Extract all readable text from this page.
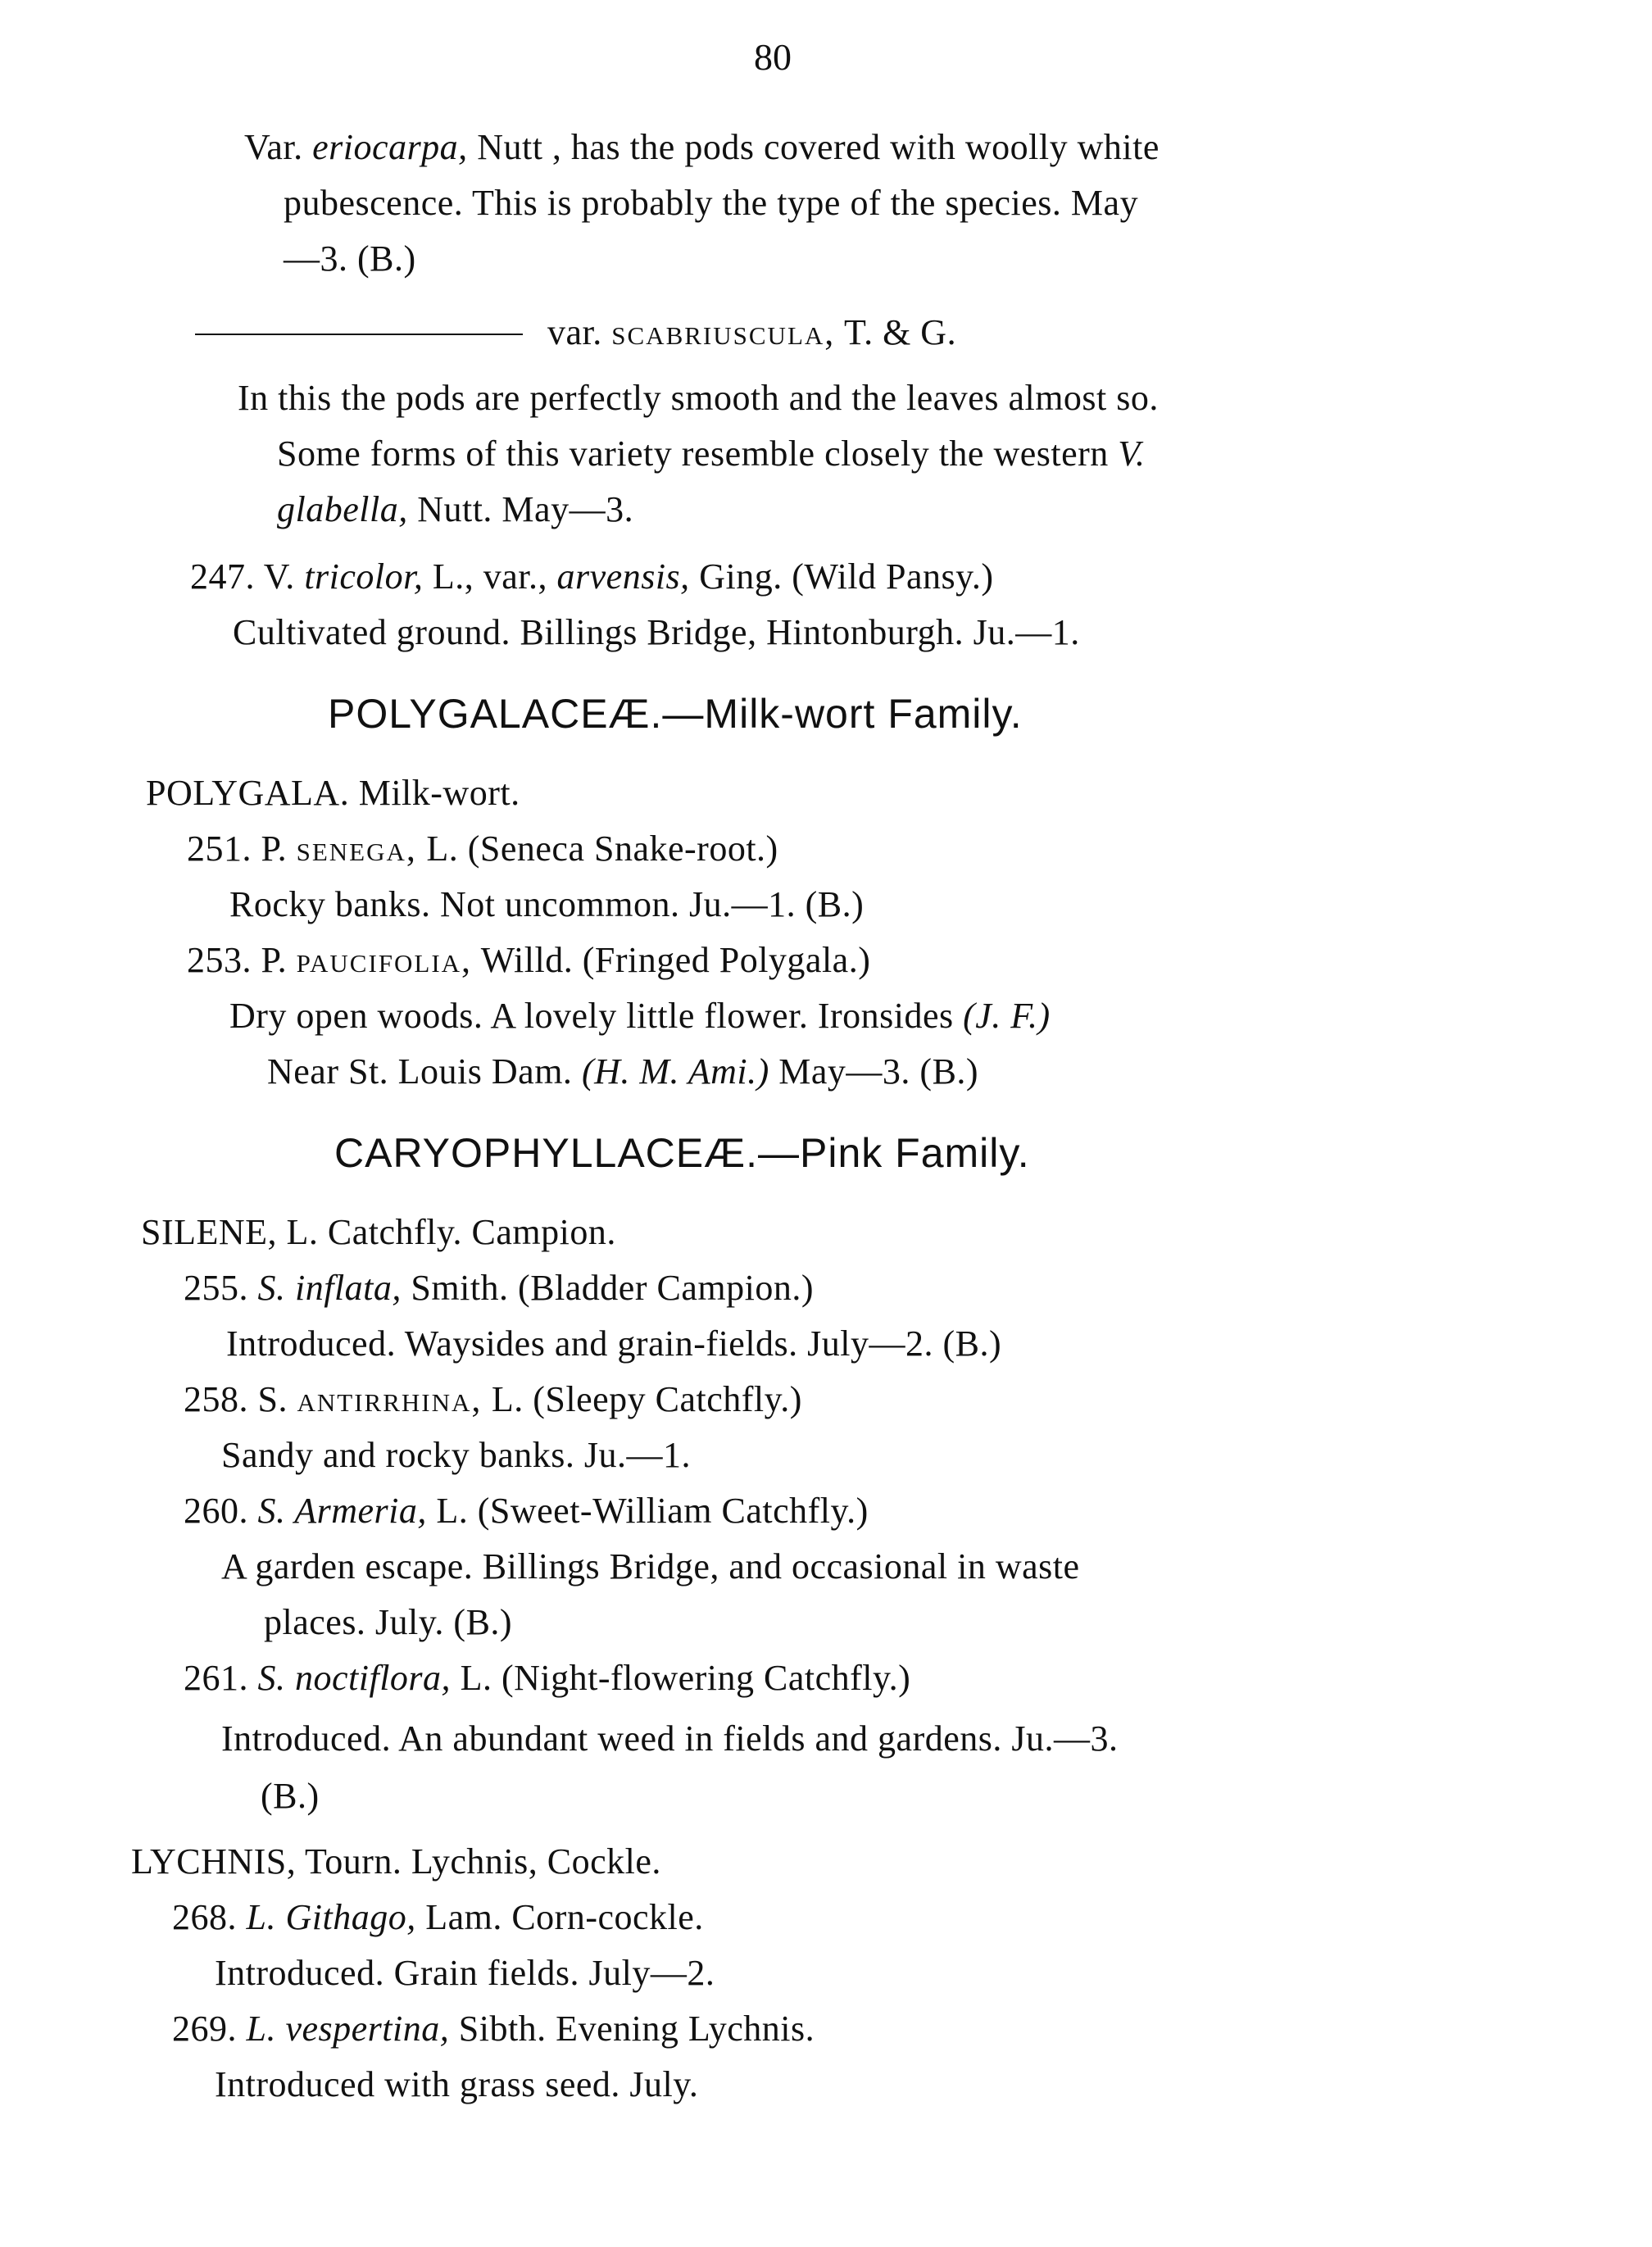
80
Var. eriocarpa, Nutt , has the pods covered with woolly white
pubescence. This is probably the type of the species. May
—3. (B.)
var. scabriuscula, T. & G.
In this the pods are perfectly smooth and the leaves almost so.
Some forms of this variety resemble closely the western V.
glabella, Nutt. May—3.
247. V. tricolor, L., var., arvensis, Ging. (Wild Pansy.)
Cultivated ground. Billings Bridge, Hintonburgh. Ju.—1.
POLYGALACEÆ.—Milk-wort Family.
POLYGALA. Milk-wort.
251. P. senega, L. (Seneca Snake-root.)
Rocky banks. Not uncommon. Ju.—1. (B.)
253. P. paucifolia, Willd. (Fringed Polygala.)
Dry open woods. A lovely little flower. Ironsides (J. F.)
Near St. Louis Dam. (H. M. Ami.) May—3. (B.)
CARYOPHYLLACEÆ.—Pink Family.
SILENE, L. Catchfly. Campion.
255. S. inflata, Smith. (Bladder Campion.)
Introduced. Waysides and grain-fields. July—2. (B.)
258. S. antirrhina, L. (Sleepy Catchfly.)
Sandy and rocky banks. Ju.—1.
260. S. Armeria, L. (Sweet-William Catchfly.)
A garden escape. Billings Bridge, and occasional in waste
places. July. (B.)
261. S. noctiflora, L. (Night-flowering Catchfly.)
Introduced. An abundant weed in fields and gardens. Ju.—3.
(B.)
LYCHNIS, Tourn. Lychnis, Cockle.
268. L. Githago, Lam. Corn-cockle.
Introduced. Grain fields. July—2.
269. L. vespertina, Sibth. Evening Lychnis.
Introduced with grass seed. July.
